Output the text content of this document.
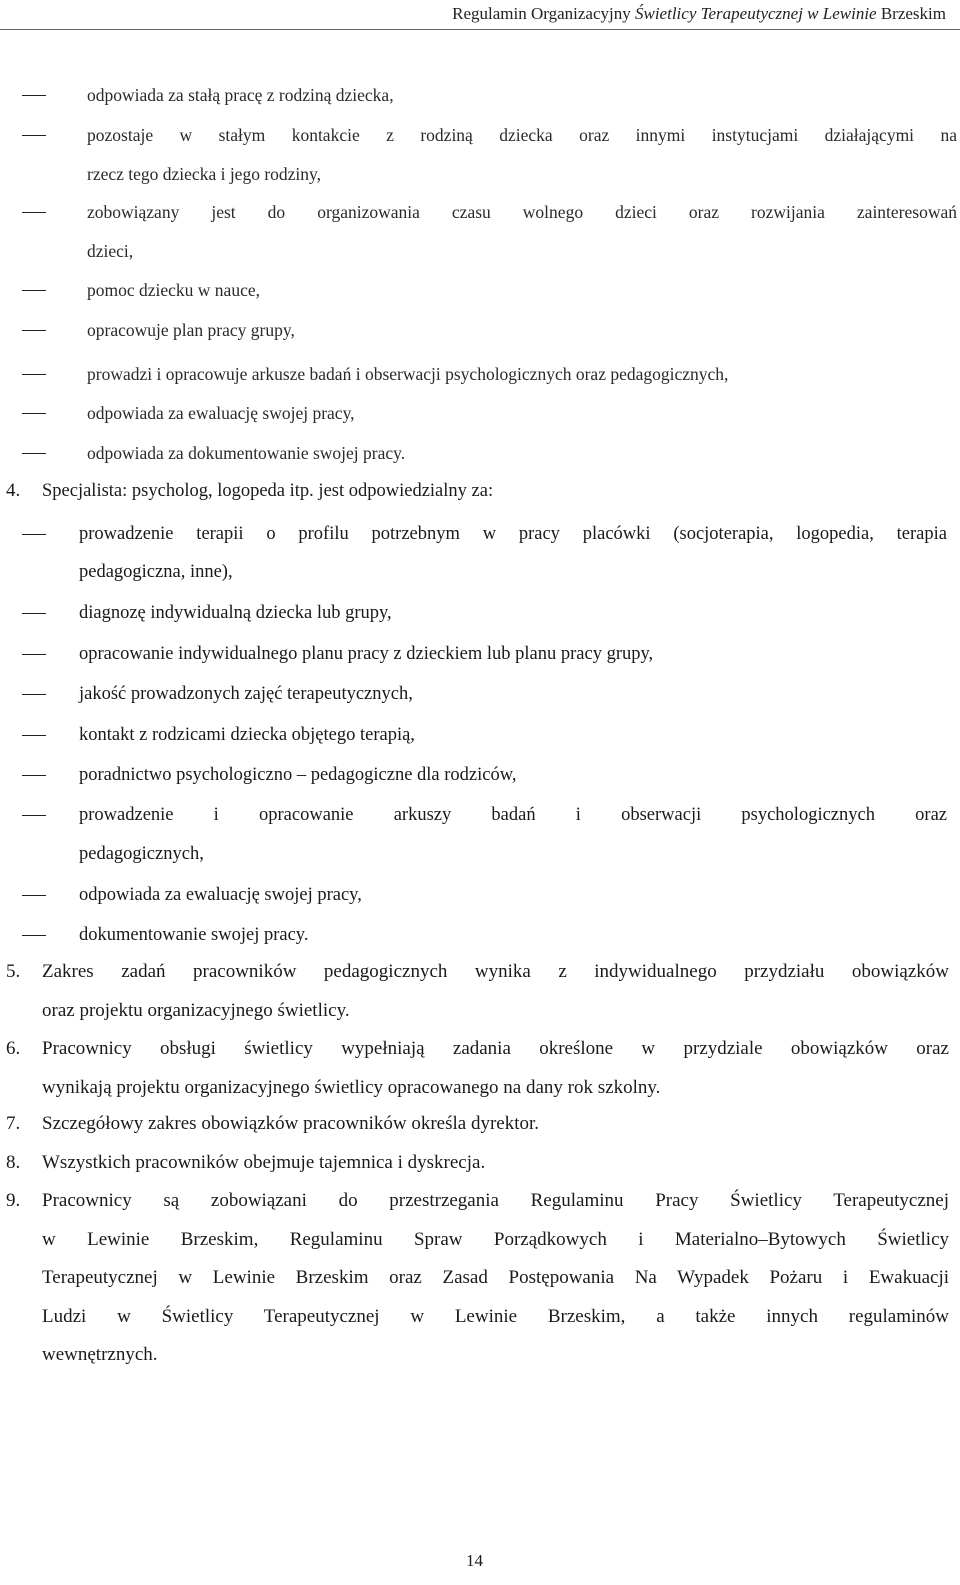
Regulamin Organizacyjny Świetlicy Terapeutycznej w Lewinie Brzeskim
odpowiada za stałą pracę z rodziną dziecka,
pozostaje w stałym kontakcie z rodziną dziecka oraz innymi instytucjami działającymi na
rzecz tego dziecka i jego rodziny,
zobowiązany jest do organizowania czasu wolnego dzieci oraz rozwijania zainteresowań
dzieci,
pomoc dziecku w nauce,
opracowuje plan pracy grupy,
prowadzi i opracowuje arkusze badań i obserwacji psychologicznych oraz pedagogicznych,
odpowiada za ewaluację swojej pracy,
odpowiada za dokumentowanie swojej pracy.
4. Specjalista: psycholog, logopeda itp. jest odpowiedzialny za:
prowadzenie terapii o profilu potrzebnym w pracy placówki (socjoterapia, logopedia, terapia
pedagogiczna, inne),
diagnozę indywidualną dziecka lub grupy,
opracowanie indywidualnego planu pracy z dzieckiem lub planu pracy grupy,
jakość prowadzonych zajęć terapeutycznych,
kontakt z rodzicami dziecka objętego terapią,
poradnictwo psychologiczno – pedagogiczne dla rodziców,
prowadzenie i opracowanie arkuszy badań i obserwacji psychologicznych oraz
pedagogicznych,
odpowiada za ewaluację swojej pracy,
dokumentowanie swojej pracy.
5. Zakres zadań pracowników pedagogicznych wynika z indywidualnego przydziału obowiązków
oraz projektu organizacyjnego świetlicy.
6. Pracownicy obsługi świetlicy wypełniają zadania określone w przydziale obowiązków oraz
wynikają projektu organizacyjnego świetlicy opracowanego na dany rok szkolny.
7. Szczegółowy zakres obowiązków pracowników określa dyrektor.
8. Wszystkich pracowników obejmuje tajemnica i dyskrecja.
9. Pracownicy są zobowiązani do przestrzegania Regulaminu Pracy Świetlicy Terapeutycznej
w Lewinie Brzeskim, Regulaminu Spraw Porządkowych i Materialno–Bytowych Świetlicy
Terapeutycznej w Lewinie Brzeskim oraz Zasad Postępowania Na Wypadek Pożaru i Ewakuacji
Ludzi w Świetlicy Terapeutycznej w Lewinie Brzeskim, a także innych regulaminów
wewnętrznych.
14
